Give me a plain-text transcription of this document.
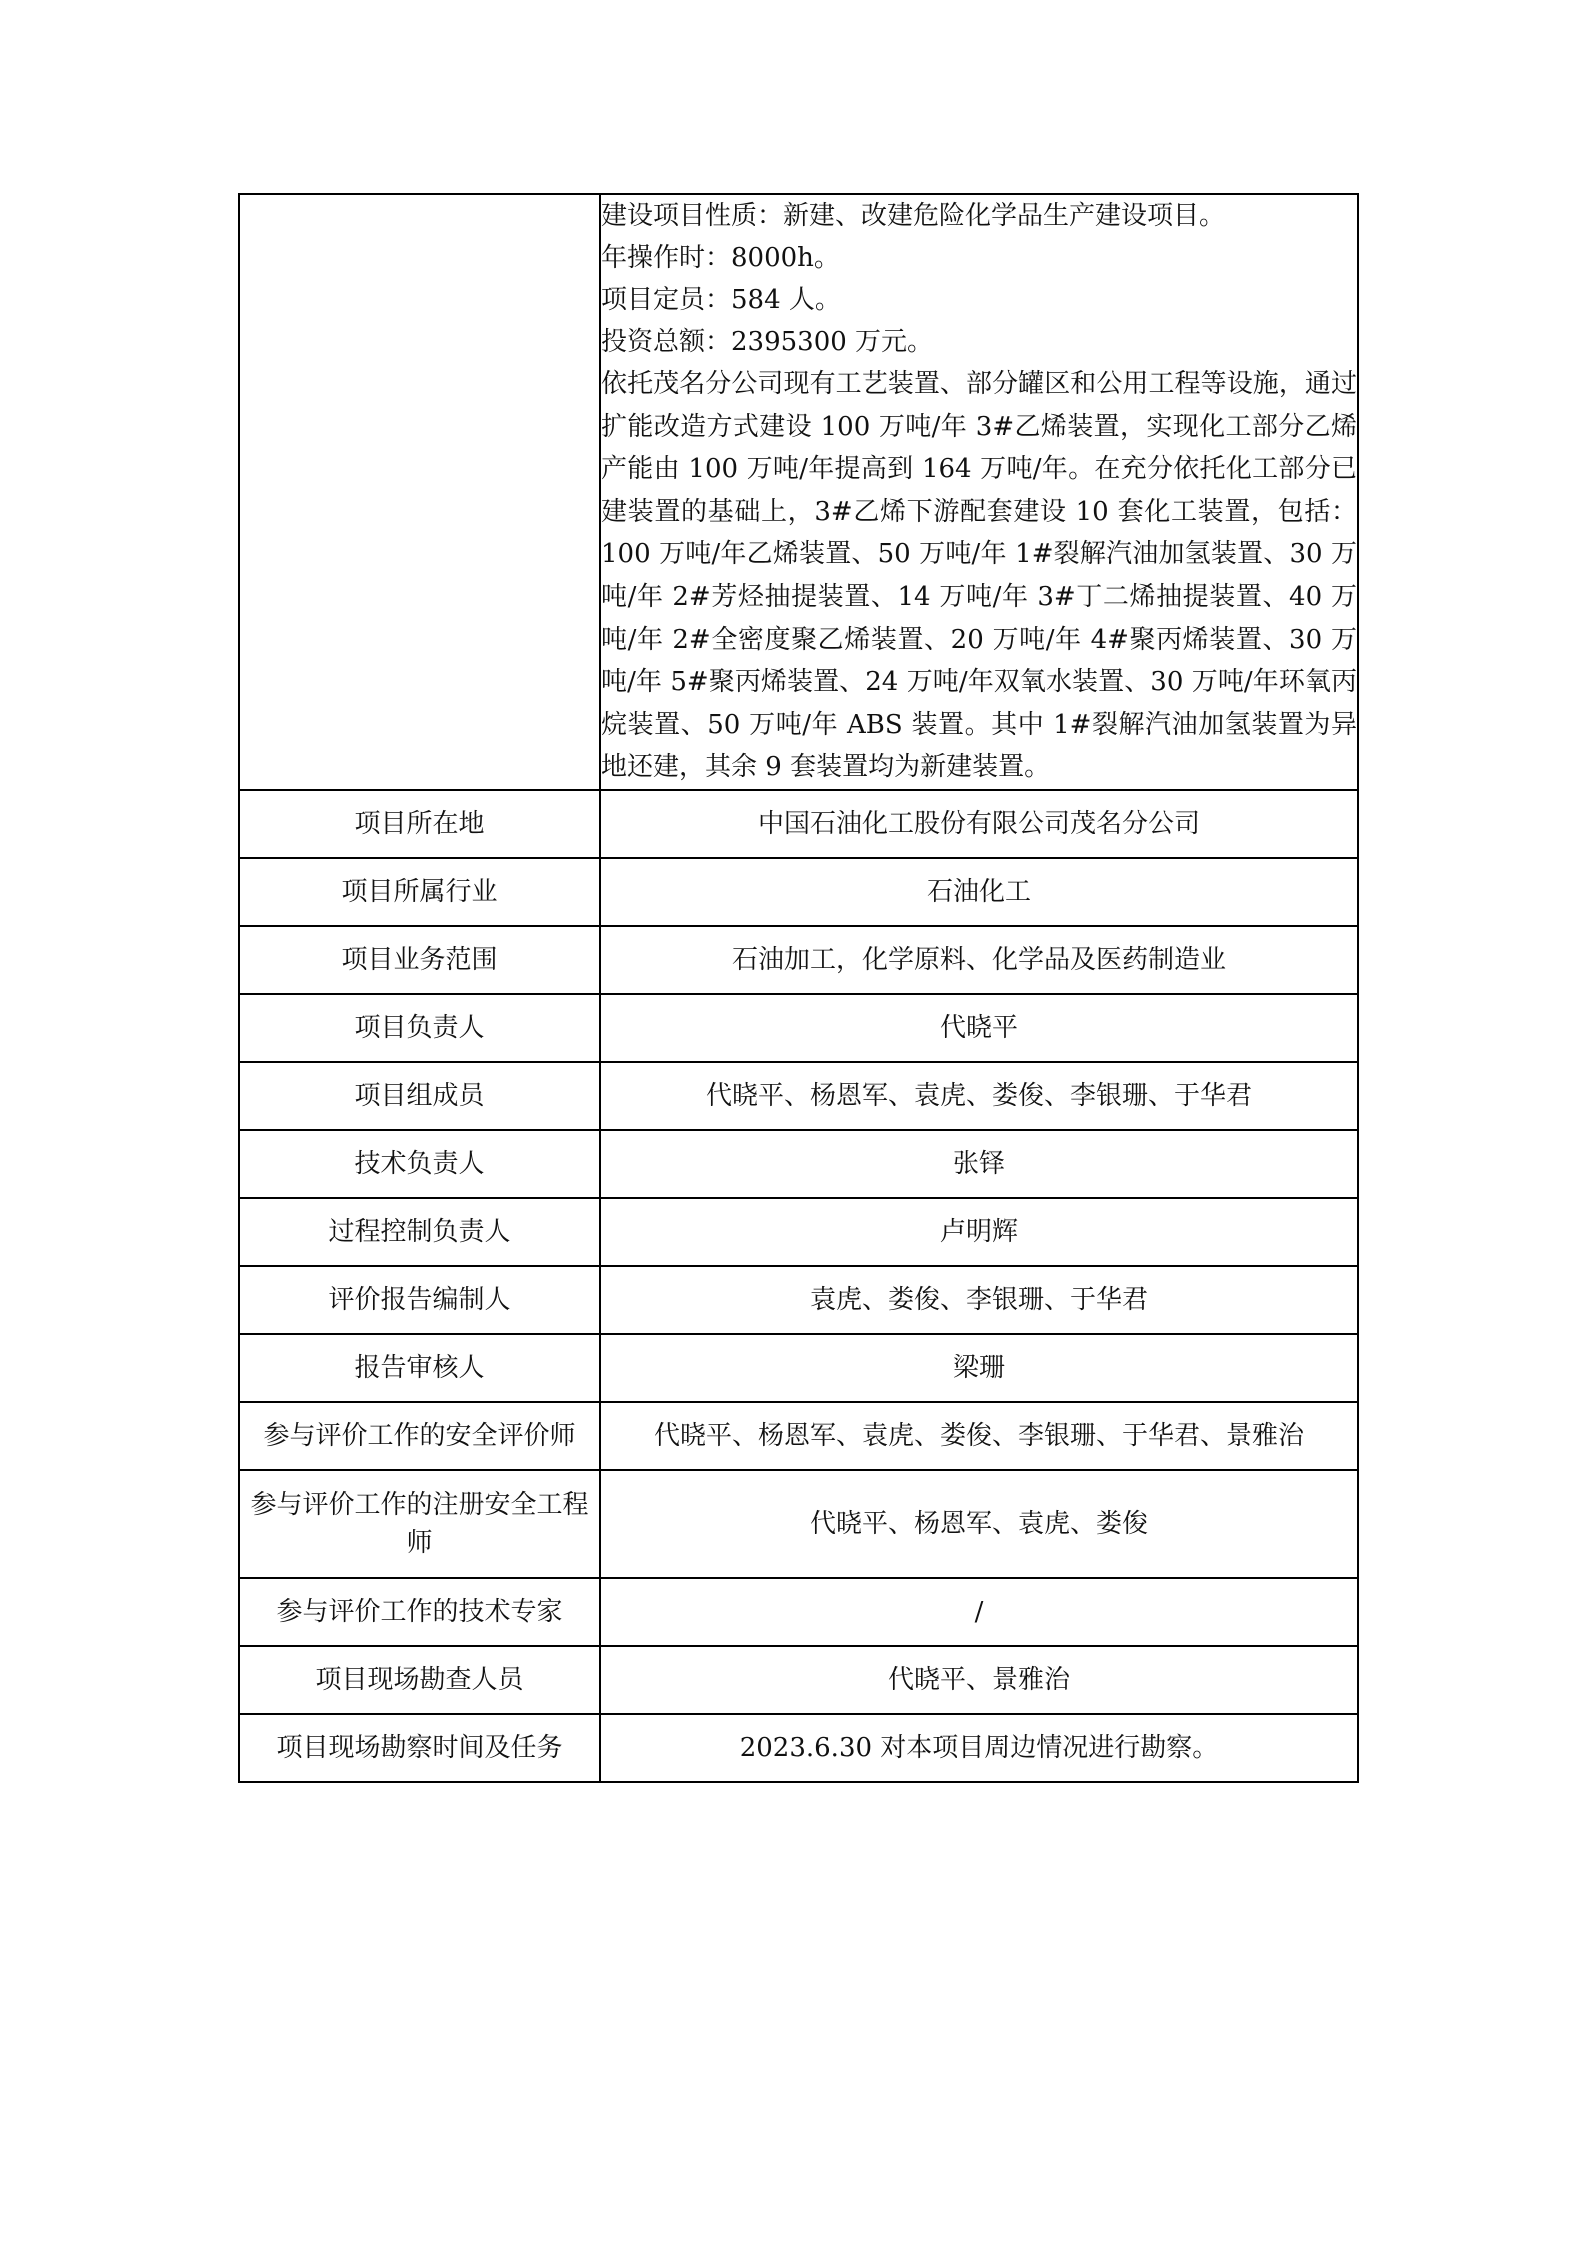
	建设项目性质：新建、改建危险化学品生产建设项目。

年操作时：8000h。

项目定员：584 人。

投资总额：2395300 万元。

依托茂名分公司现有工艺装置、部分罐区和公用工程等设施，通过扩能改造方式建设 100 万吨/年 3#乙烯装置，实现化工部分乙烯产能由 100 万吨/年提高到 164 万吨/年。在充分依托化工部分已建装置的基础上，3#乙烯下游配套建设 10 套化工装置，包括：100 万吨/年乙烯装置、50 万吨/年 1#裂解汽油加氢装置、30 万吨/年 2#芳烃抽提装置、14 万吨/年 3#丁二烯抽提装置、40 万吨/年 2#全密度聚乙烯装置、20 万吨/年 4#聚丙烯装置、30 万吨/年 5#聚丙烯装置、24 万吨/年双氧水装置、30 万吨/年环氧丙烷装置、50 万吨/年 ABS 装置。其中 1#裂解汽油加氢装置为异地还建，其余 9 套装置均为新建装置。

项目所在地	中国石油化工股份有限公司茂名分公司
项目所属行业	石油化工
项目业务范围	石油加工，化学原料、化学品及医药制造业
项目负责人	代晓平
项目组成员	代晓平、杨恩军、袁虎、娄俊、李银珊、于华君
技术负责人	张铎
过程控制负责人	卢明辉
评价报告编制人	袁虎、娄俊、李银珊、于华君
报告审核人	梁珊
参与评价工作的安全评价师	代晓平、杨恩军、袁虎、娄俊、李银珊、于华君、景雅治
参与评价工作的注册安全工程师	代晓平、杨恩军、袁虎、娄俊
参与评价工作的技术专家	/
项目现场勘查人员	代晓平、景雅治
项目现场勘察时间及任务	2023.6.30 对本项目周边情况进行勘察。
